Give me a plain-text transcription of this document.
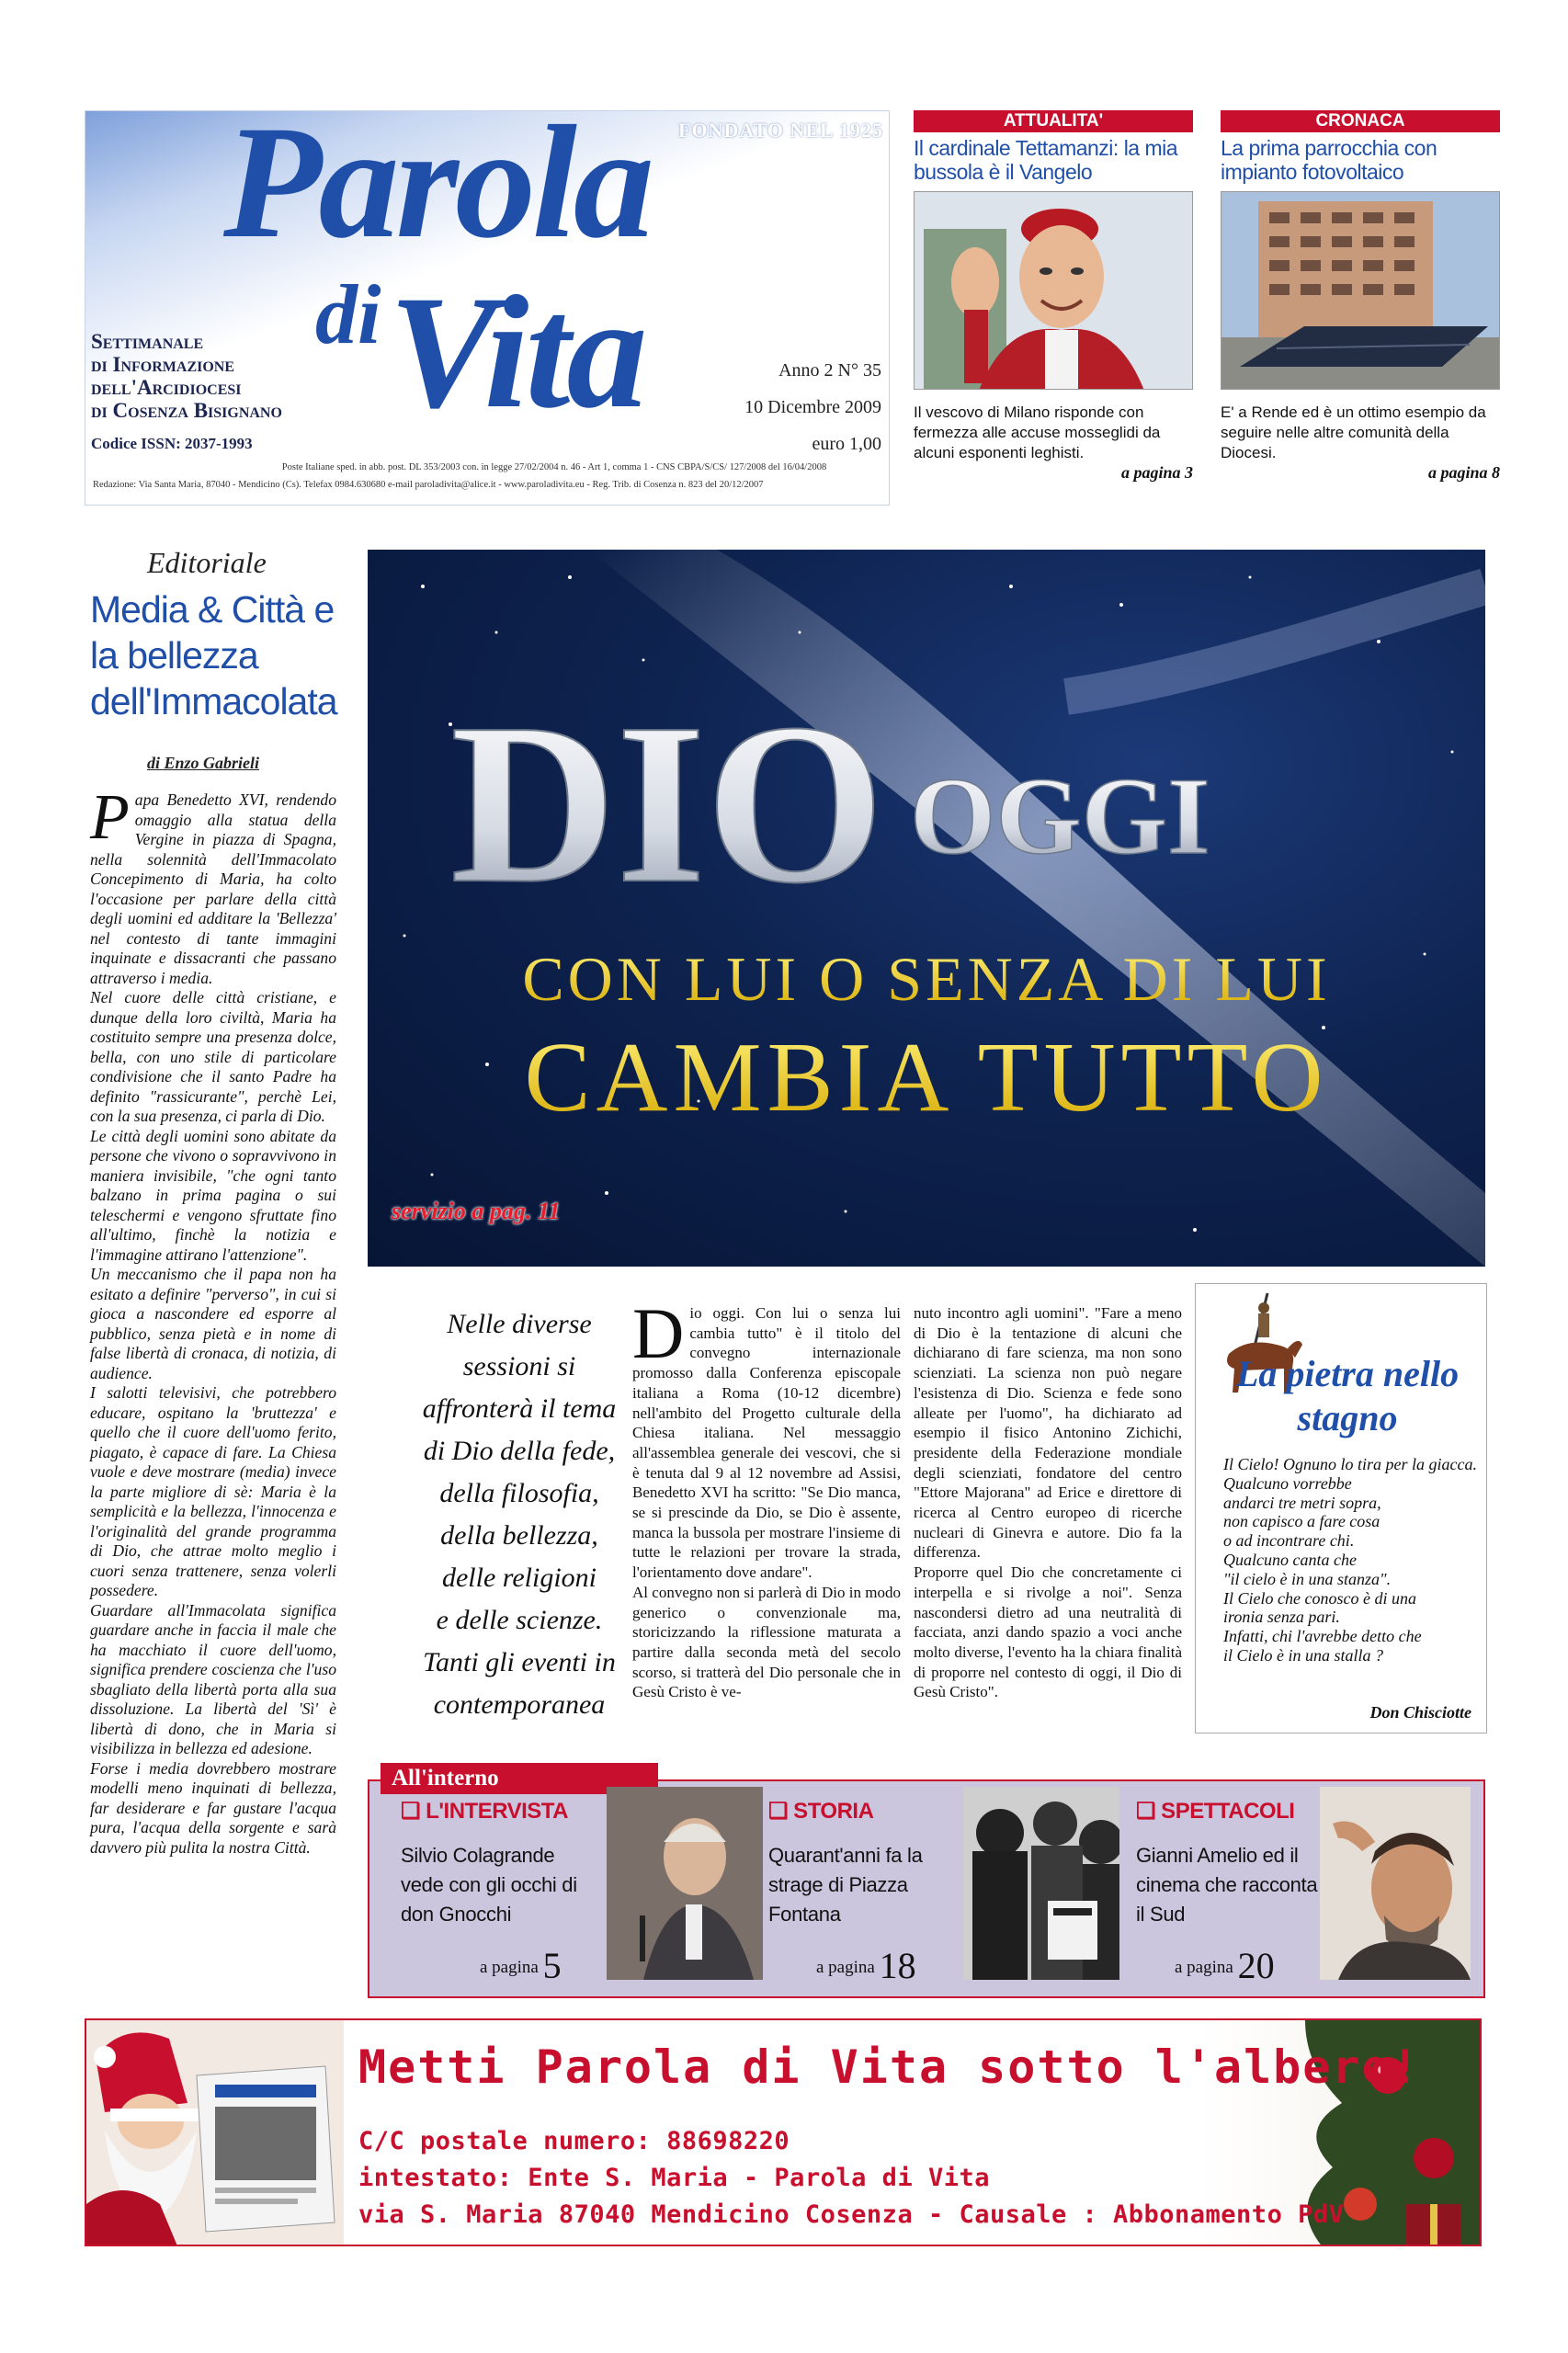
FONDATO NEL 1925
Parola
di Vita
Settimanale
di Informazione
dell'Arcidiocesi
di Cosenza Bisignano
Codice ISSN: 2037-1993
Anno 2 N° 35
10 Dicembre 2009
euro 1,00
Poste Italiane sped. in abb. post. DL 353/2003 con. in legge 27/02/2004 n. 46 - Art 1, comma 1 - CNS CBPA/S/CS/ 127/2008 del 16/04/2008
Redazione: Via Santa Maria, 87040 - Mendicino (Cs). Telefax 0984.630680 e-mail paroladivita@alice.it - www.paroladivita.eu - Reg. Trib. di Cosenza n. 823 del 20/12/2007
ATTUALITA'
Il cardinale Tettamanzi: la mia bussola è il Vangelo
Il vescovo di Milano risponde con fermezza alle accuse mosseglidi da alcuni esponenti leghisti.
a pagina 3
CRONACA
La prima parrocchia con impianto fotovoltaico
E' a Rende ed è un ottimo esempio da seguire nelle altre comunità della Diocesi.
a pagina 8
Editoriale
Media & Città e la bellezza dell'Immacolata
di Enzo Gabrieli
Papa Benedetto XVI, rendendo omaggio alla statua della Vergine in piazza di Spagna, nella solennità dell'Immacolato Concepimento di Maria, ha colto l'occasione per parlare della città degli uomini ed additare la 'Bellezza' nel contesto di tante immagini inquinate e dissacranti che passano attraverso i media.
Nel cuore delle città cristiane, e dunque della loro civiltà, Maria ha costituito sempre una presenza dolce, bella, con uno stile di particolare condivisione che il santo Padre ha definito "rassicurante", perchè Lei, con la sua presenza, ci parla di Dio.
Le città degli uomini sono abitate da persone che vivono o sopravvivono in maniera invisibile, "che ogni tanto balzano in prima pagina o sui teleschermi e vengono sfruttate fino all'ultimo, finchè la notizia e l'immagine attirano l'attenzione".
Un meccanismo che il papa non ha esitato a definire "perverso", in cui si gioca a nascondere ed esporre al pubblico, senza pietà e in nome di false libertà di cronaca, di notizia, di audience.
I salotti televisivi, che potrebbero educare, ospitano la 'bruttezza' e quello che il cuore dell'uomo ferito, piagato, è capace di fare. La Chiesa vuole e deve mostrare (media) invece la parte migliore di sè: Maria è la semplicità e la bellezza, l'innocenza e l'originalità del grande programma di Dio, che attrae molto meglio i cuori senza trattenere, senza volerli possedere.
Guardare all'Immacolata significa guardare anche in faccia il male che ha macchiato il cuore dell'uomo, significa prendere coscienza che l'uso sbagliato della libertà porta alla sua dissoluzione. La libertà del 'Sì' è libertà di dono, che in Maria si visibilizza in bellezza ed adesione.
Forse i media dovrebbero mostrare modelli meno inquinati di bellezza, far desiderare e far gustare l'acqua pura, l'acqua della sorgente e sarà davvero più pulita la nostra Città.
DIO OGGI
CON LUI O SENZA DI LUI
CAMBIA TUTTO
servizio a pag. 11
Nelle diverse
sessioni si
affronterà il tema
di Dio della fede,
della filosofia,
della bellezza,
delle religioni
e delle scienze.
Tanti gli eventi in
contemporanea
Dio oggi. Con lui o senza lui cambia tutto" è il titolo del convegno internazionale promosso dalla Conferenza episcopale italiana a Roma (10-12 dicembre) nell'ambito del Progetto culturale della Chiesa italiana. Nel messaggio all'assemblea generale dei vescovi, che si è tenuta dal 9 al 12 novembre ad Assisi, Benedetto XVI ha scritto: "Se Dio manca, se si prescinde da Dio, se Dio è assente, manca la bussola per mostrare l'insieme di tutte le relazioni per trovare la strada, l'orientamento dove andare".
Al convegno non si parlerà di Dio in modo generico o convenzionale ma, storicizzando la riflessione maturata a partire dalla seconda metà del secolo scorso, si tratterà del Dio personale che in Gesù Cristo è ve-
nuto incontro agli uomini". "Fare a meno di Dio è la tentazione di alcuni che dichiarano di fare scienza, ma non sono scienziati. La scienza non può negare l'esistenza di Dio. Scienza e fede sono alleate per l'uomo", ha dichiarato ad esempio il fisico Antonino Zichichi, presidente della Federazione mondiale degli scienziati, fondatore del centro "Ettore Majorana" ad Erice e direttore di ricerca al Centro europeo di ricerche nucleari di Ginevra e autore. Dio fa la differenza.
Proporre quel Dio che concretamente ci interpella e si rivolge a noi". Senza nascondersi dietro ad una neutralità di facciata, anzi dando spazio a voci anche molto diverse, l'evento ha la chiara finalità di proporre nel contesto di oggi, il Dio di Gesù Cristo".
La pietra nello stagno
Il Cielo! Ognuno lo tira per la giacca. Qualcuno vorrebbe
andarci tre metri sopra,
non capisco a fare cosa
o ad incontrare chi.
Qualcuno canta che
"il cielo è in una stanza".
Il Cielo che conosco è di una
ironia senza pari.
Infatti, chi l'avrebbe detto che
il Cielo è in una stalla ?
Don Chisciotte
All'interno
❑ L'INTERVISTA
Silvio Colagrande vede con gli occhi di don Gnocchi
a pagina 5
❑ STORIA
Quarant'anni fa la strage di Piazza Fontana
a pagina 18
❑ SPETTACOLI
Gianni Amelio ed il cinema che racconta il Sud
a pagina 20
Metti Parola di Vita sotto l'albero!
C/C postale numero: 88698220
intestato: Ente S. Maria - Parola di Vita
via S. Maria 87040 Mendicino Cosenza - Causale : Abbonamento PdV
